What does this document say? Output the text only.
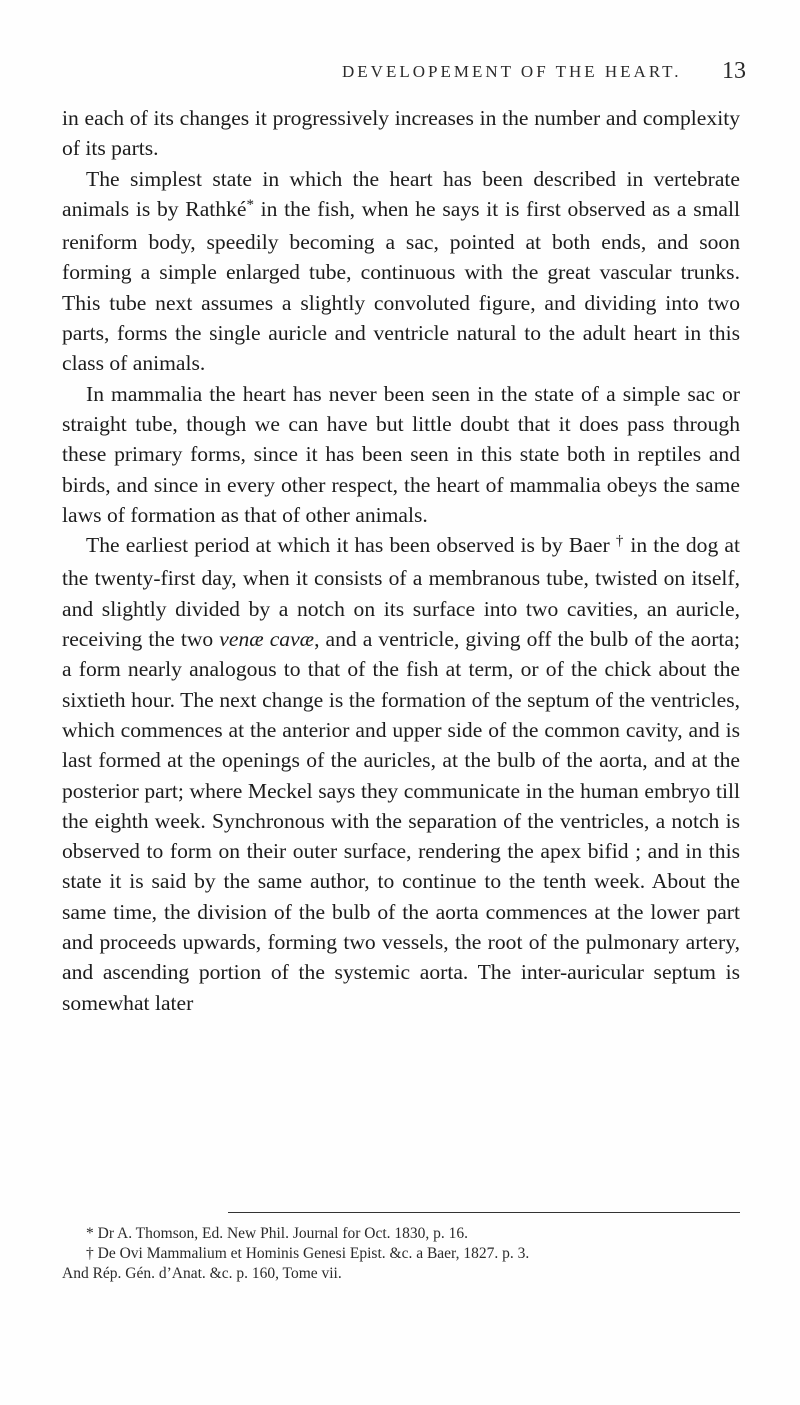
DEVELOPEMENT OF THE HEART. 13

in each of its changes it progressively increases in the number and complexity of its parts.

The simplest state in which the heart has been described in vertebrate animals is by Rathké* in the fish, when he says it is first observed as a small reniform body, speedily becoming a sac, pointed at both ends, and soon forming a simple enlarged tube, continuous with the great vascular trunks. This tube next assumes a slightly convoluted figure, and dividing into two parts, forms the single auricle and ventricle natural to the adult heart in this class of animals.

In mammalia the heart has never been seen in the state of a simple sac or straight tube, though we can have but little doubt that it does pass through these primary forms, since it has been seen in this state both in reptiles and birds, and since in every other respect, the heart of mammalia obeys the same laws of formation as that of other animals.

The earliest period at which it has been observed is by Baer † in the dog at the twenty-first day, when it consists of a membranous tube, twisted on itself, and slightly divided by a notch on its surface into two cavities, an auricle, receiving the two venæ cavæ, and a ventricle, giving off the bulb of the aorta; a form nearly analogous to that of the fish at term, or of the chick about the sixtieth hour. The next change is the formation of the septum of the ventricles, which commences at the anterior and upper side of the common cavity, and is last formed at the openings of the auricles, at the bulb of the aorta, and at the posterior part; where Meckel says they communicate in the human embryo till the eighth week. Synchronous with the separation of the ventricles, a notch is observed to form on their outer surface, rendering the apex bifid ; and in this state it is said by the same author, to continue to the tenth week. About the same time, the division of the bulb of the aorta commences at the lower part and proceeds upwards, forming two vessels, the root of the pulmonary artery, and ascending portion of the systemic aorta. The inter-auricular septum is somewhat later

* Dr A. Thomson, Ed. New Phil. Journal for Oct. 1830, p. 16.

† De Ovi Mammalium et Hominis Genesi Epist. &c. a Baer, 1827. p. 3.

And Rép. Gén. d’Anat. &c. p. 160, Tome vii.
